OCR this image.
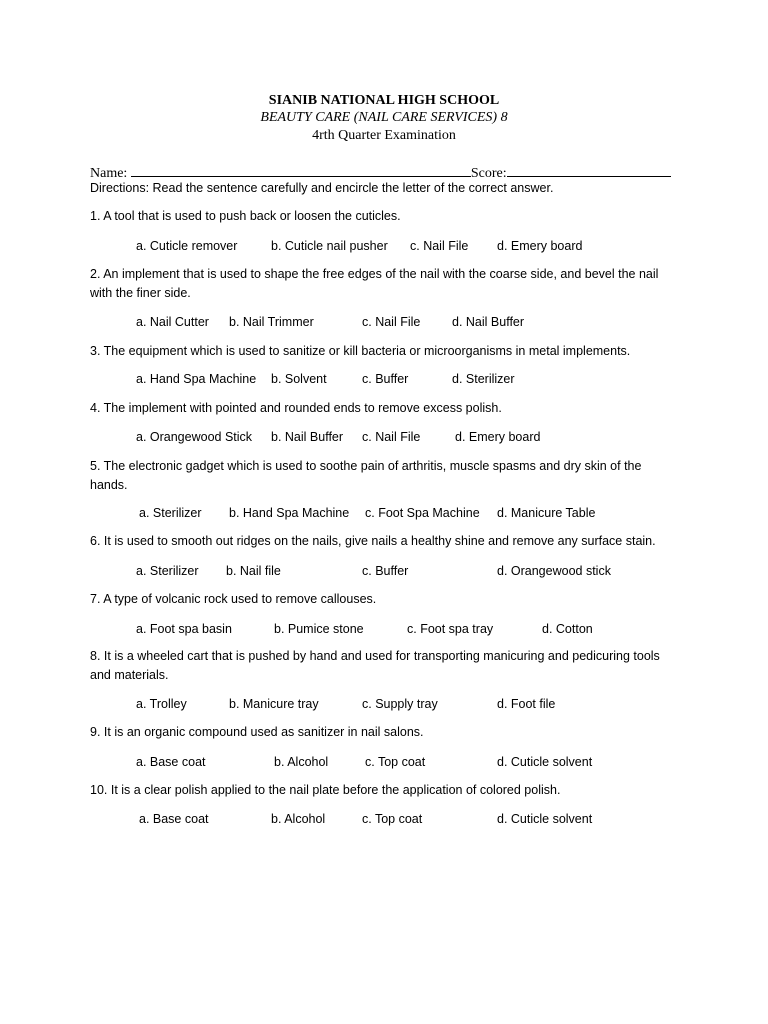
SIANIB NATIONAL HIGH SCHOOL
BEAUTY CARE (NAIL CARE SERVICES) 8
4rth Quarter Examination
Name:	Score:
Directions: Read the sentence carefully and encircle the letter of the correct answer.
1. A tool that is used to push back or loosen the cuticles.
a. Cuticle remover	b. Cuticle nail pusher c. Nail File d. Emery board
2. An implement that is used to shape the free edges of the nail with the coarse side, and bevel the nail with the finer side.
a. Nail Cutter b. Nail Trimmer	c. Nail File	d. Nail Buffer
3. The equipment which is used to sanitize or kill bacteria or microorganisms in metal implements.
a. Hand Spa Machine b. Solvent	c. Buffer	d. Sterilizer
4. The implement with pointed and rounded ends to remove excess polish.
a. Orangewood Stick b. Nail Buffer c. Nail File	d. Emery board
5. The electronic gadget which is used to soothe pain of arthritis, muscle spasms and dry skin of the hands.
a. Sterilizer b. Hand Spa Machine c. Foot Spa Machine d. Manicure Table
6. It is used to smooth out ridges on the nails, give nails a healthy shine and remove any surface stain.
a. Sterilizer b. Nail file	c. Buffer	d. Orangewood stick
7. A type of volcanic rock used to remove callouses.
a. Foot spa basin	b. Pumice stone	c. Foot spa tray	d. Cotton
8. It is a wheeled cart that is pushed by hand and used for transporting manicuring and pedicuring tools and materials.
a. Trolley	b. Manicure tray	c. Supply tray	d. Foot file
9. It is an organic compound used as sanitizer in nail salons.
a. Base coat	b. Alcohol	c. Top coat	d. Cuticle solvent
10. It is a clear polish applied to the nail plate before the application of colored polish.
a. Base coat	b. Alcohol	c. Top coat	d. Cuticle solvent
